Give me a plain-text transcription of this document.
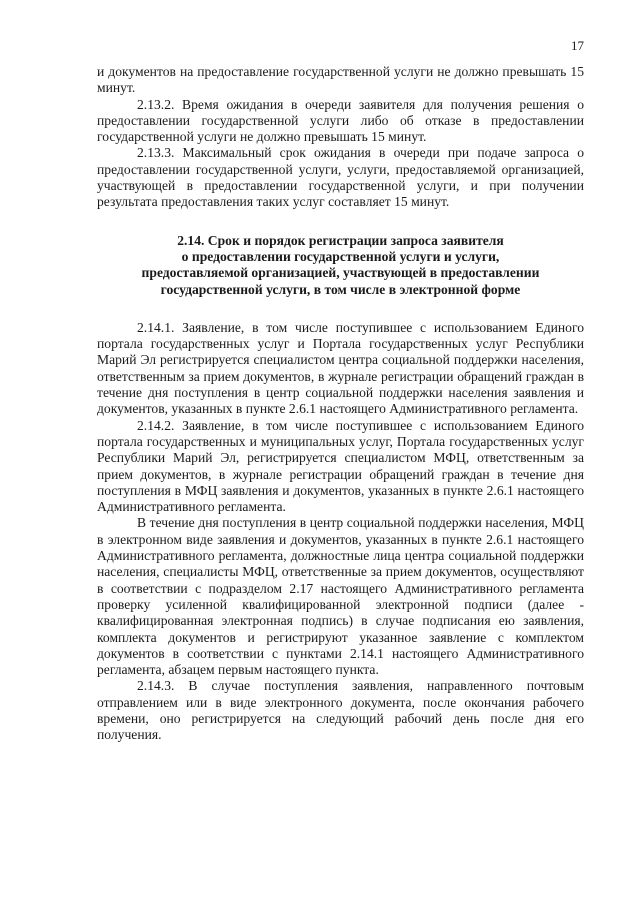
17

и документов на предоставление государственной услуги не должно превышать 15 минут.

2.13.2. Время ожидания в очереди заявителя для получения решения о предоставлении государственной услуги либо об отказе в предоставлении государственной услуги не должно превышать 15 минут.

2.13.3. Максимальный срок ожидания в очереди при подаче запроса о предоставлении государственной услуги, услуги, предоставляемой организацией, участвующей в предоставлении государственной услуги, и при получении результата предоставления таких услуг составляет 15 минут.

2.14. Срок и порядок регистрации запроса заявителя
о предоставлении государственной услуги и услуги,
предоставляемой организацией, участвующей в предоставлении
государственной услуги, в том числе в электронной форме

2.14.1. Заявление, в том числе поступившее с использованием Единого портала государственных услуг и Портала государственных услуг Республики Марий Эл регистрируется специалистом центра социальной поддержки населения, ответственным за прием документов, в журнале регистрации обращений граждан в течение дня поступления в центр социальной поддержки населения заявления и документов, указанных в пункте 2.6.1 настоящего Административного регламента.

2.14.2. Заявление, в том числе поступившее с использованием Единого портала государственных и муниципальных услуг, Портала государственных услуг Республики Марий Эл, регистрируется специалистом МФЦ, ответственным за прием документов, в журнале регистрации обращений граждан в течение дня поступления в МФЦ заявления и документов, указанных в пункте 2.6.1 настоящего Административного регламента.

В течение дня поступления в центр социальной поддержки населения, МФЦ в электронном виде заявления и документов, указанных в пункте 2.6.1 настоящего Административного регламента, должностные лица центра социальной поддержки населения, специалисты МФЦ, ответственные за прием документов, осуществляют в соответствии с подразделом 2.17 настоящего Административного регламента проверку усиленной квалифицированной электронной подписи (далее - квалифицированная электронная подпись) в случае подписания ею заявления, комплекта документов и регистрируют указанное заявление с комплектом документов в соответствии с пунктами 2.14.1 настоящего Административного регламента, абзацем первым настоящего пункта.

2.14.3. В случае поступления заявления, направленного почтовым отправлением или в виде электронного документа, после окончания рабочего времени, оно регистрируется на следующий рабочий день после дня его получения.
